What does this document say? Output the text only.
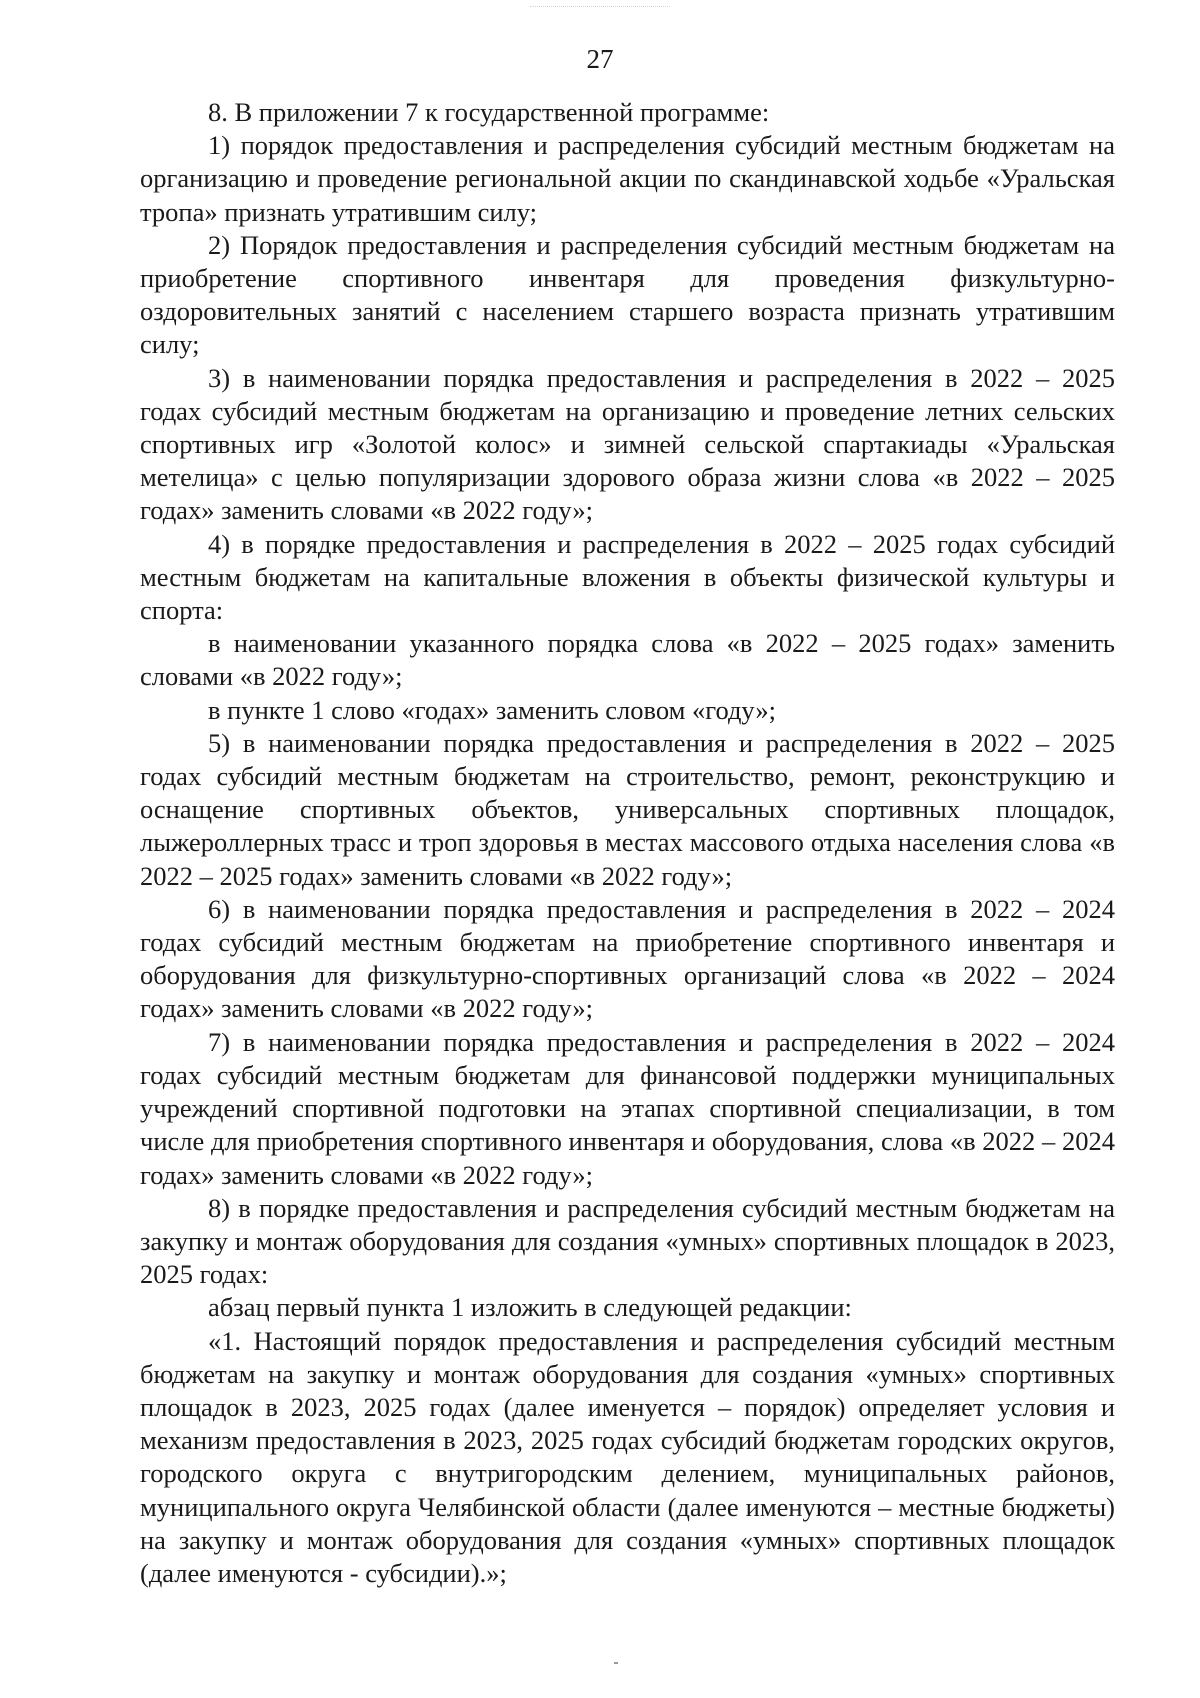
27

8. В приложении 7 к государственной программе:

1) порядок предоставления и распределения субсидий местным бюджетам на организацию и проведение региональной акции по скандинавской ходьбе «Уральская тропа» признать утратившим силу;

2) Порядок предоставления и распределения субсидий местным бюджетам на приобретение спортивного инвентаря для проведения физкультурно-оздоровительных занятий с населением старшего возраста признать утратившим силу;

3) в наименовании порядка предоставления и распределения в 2022 – 2025 годах субсидий местным бюджетам на организацию и проведение летних сельских спортивных игр «Золотой колос» и зимней сельской спартакиады «Уральская метелица» с целью популяризации здорового образа жизни слова «в 2022 – 2025 годах» заменить словами «в 2022 году»;

4) в порядке предоставления и распределения в 2022 – 2025 годах субсидий местным бюджетам на капитальные вложения в объекты физической культуры и спорта:

в наименовании указанного порядка слова «в 2022 – 2025 годах» заменить словами «в 2022 году»;

в пункте 1 слово «годах» заменить словом «году»;

5) в наименовании порядка предоставления и распределения в 2022 – 2025 годах субсидий местным бюджетам на строительство, ремонт, реконструкцию и оснащение спортивных объектов, универсальных спортивных площадок, лыжероллерных трасс и троп здоровья в местах массового отдыха населения слова «в 2022 – 2025 годах» заменить словами «в 2022 году»;

6) в наименовании порядка предоставления и распределения в 2022 – 2024 годах субсидий местным бюджетам на приобретение спортивного инвентаря и оборудования для физкультурно-спортивных организаций слова «в 2022 – 2024 годах» заменить словами «в 2022 году»;

7) в наименовании порядка предоставления и распределения в 2022 – 2024 годах субсидий местным бюджетам для финансовой поддержки муниципальных учреждений спортивной подготовки на этапах спортивной специализации, в том числе для приобретения спортивного инвентаря и оборудования, слова «в 2022 – 2024 годах» заменить словами «в 2022 году»;

8) в порядке предоставления и распределения субсидий местным бюджетам на закупку и монтаж оборудования для создания «умных» спортивных площадок в 2023, 2025 годах:

абзац первый пункта 1 изложить в следующей редакции:

«1. Настоящий порядок предоставления и распределения субсидий местным бюджетам на закупку и монтаж оборудования для создания «умных» спортивных площадок в 2023, 2025 годах (далее именуется – порядок) определяет условия и механизм предоставления в 2023, 2025 годах субсидий бюджетам городских округов, городского округа с внутригородским делением, муниципальных районов, муниципального округа Челябинской области (далее именуются – местные бюджеты) на закупку и монтаж оборудования для создания «умных» спортивных площадок (далее именуются - субсидии).»;
